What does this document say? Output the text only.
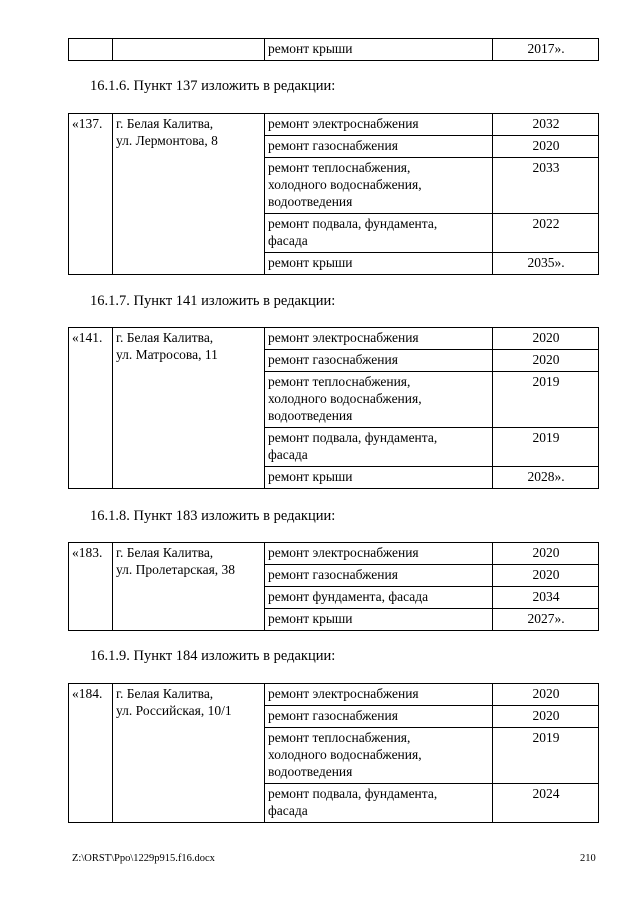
		ремонт крыши	2017».

16.1.6. Пункт 137 изложить в редакции:

«137.	г. Белая Калитва,
ул. Лермонтова, 8	ремонт электроснабжения	2032
		ремонт газоснабжения	2020
		ремонт теплоснабжения,
холодного водоснабжения,
водоотведения	2033
		ремонт подвала, фундамента,
фасада	2022
		ремонт крыши	2035».

16.1.7. Пункт 141 изложить в редакции:

«141.	г. Белая Калитва,
ул. Матросова, 11	ремонт электроснабжения	2020
		ремонт газоснабжения	2020
		ремонт теплоснабжения,
холодного водоснабжения,
водоотведения	2019
		ремонт подвала, фундамента,
фасада	2019
		ремонт крыши	2028».

16.1.8. Пункт 183 изложить в редакции:

«183.	г. Белая Калитва,
ул. Пролетарская, 38	ремонт электроснабжения	2020
		ремонт газоснабжения	2020
		ремонт фундамента, фасада	2034
		ремонт крыши	2027».

16.1.9. Пункт 184 изложить в редакции:

«184.	г. Белая Калитва,
ул. Российская, 10/1	ремонт электроснабжения	2020
		ремонт газоснабжения	2020
		ремонт теплоснабжения,
холодного водоснабжения,
водоотведения	2019
		ремонт подвала, фундамента,
фасада	2024
Z:\ORST\Ppo\1229p915.f16.docx	210
